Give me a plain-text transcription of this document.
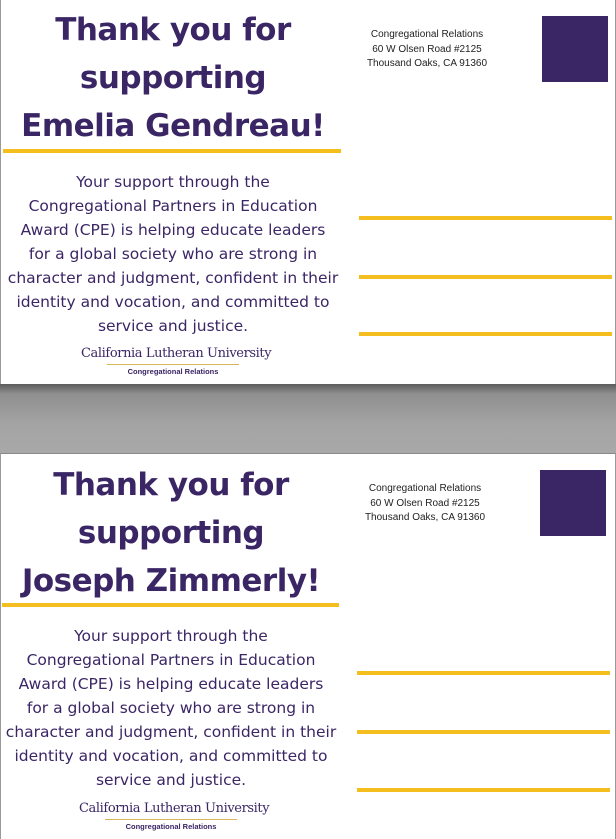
Thank you for
supporting
Emelia Gendreau!

Your support through the
Congregational Partners in Education
Award (CPE) is helping educate leaders
for a global society who are strong in
character and judgment, confident in their
identity and vocation, and committed to
service and justice.

California Lutheran University
Congregational Relations
Congregational Relations
60 W Olsen Road #2125
Thousand Oaks, CA 91360
Thank you for
supporting
Joseph Zimmerly!

Your support through the
Congregational Partners in Education
Award (CPE) is helping educate leaders
for a global society who are strong in
character and judgment, confident in their
identity and vocation, and committed to
service and justice.

California Lutheran University
Congregational Relations
Congregational Relations
60 W Olsen Road #2125
Thousand Oaks, CA 91360
